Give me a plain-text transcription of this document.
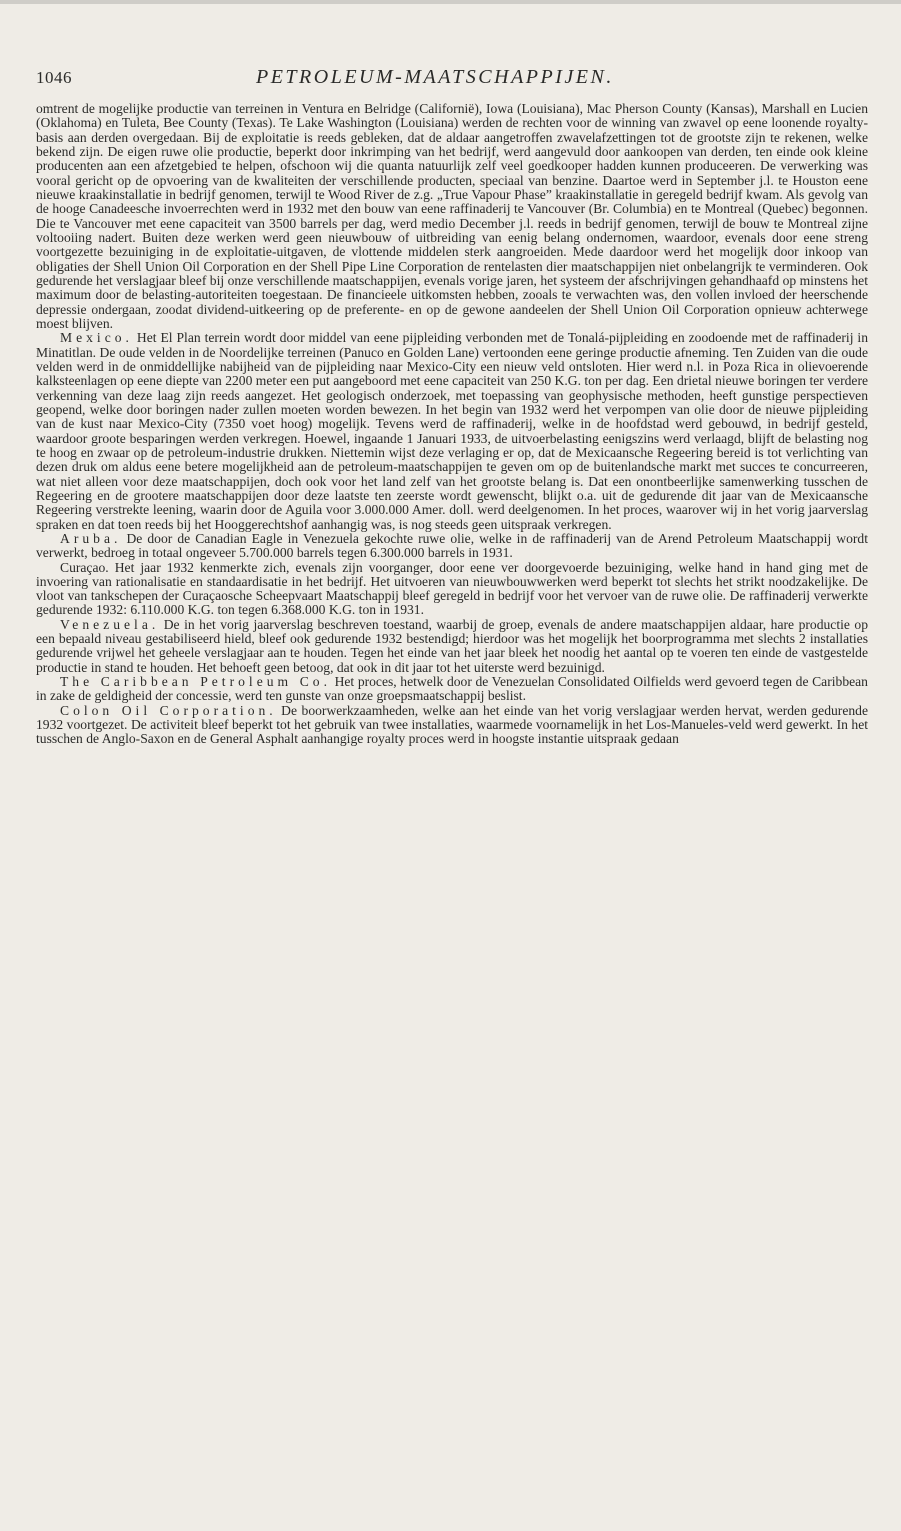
1046	PETROLEUM-MAATSCHAPPIJEN.

omtrent de mogelijke productie van terreinen in Ventura en Belridge (Californië), Iowa (Louisiana), Mac Pherson County (Kansas), Marshall en Lucien (Oklahoma) en Tuleta, Bee County (Texas). Te Lake Washington (Louisiana) werden de rechten voor de winning van zwavel op eene loonende royalty-basis aan derden overgedaan. Bij de exploitatie is reeds gebleken, dat de aldaar aangetroffen zwavelafzettingen tot de grootste zijn te rekenen, welke bekend zijn. De eigen ruwe olie productie, beperkt door inkrimping van het bedrijf, werd aangevuld door aankoopen van derden, ten einde ook kleine producenten aan een afzetgebied te helpen, ofschoon wij die quanta natuurlijk zelf veel goedkooper hadden kunnen produceeren. De verwerking was vooral gericht op de opvoering van de kwaliteiten der verschillende producten, speciaal van benzine. Daartoe werd in September j.l. te Houston eene nieuwe kraakinstallatie in bedrijf genomen, terwijl te Wood River de z.g. „True Vapour Phase” kraakinstallatie in geregeld bedrijf kwam. Als gevolg van de hooge Canadeesche invoerrechten werd in 1932 met den bouw van eene raffinaderij te Vancouver (Br. Columbia) en te Montreal (Quebec) begonnen. Die te Vancouver met eene capaciteit van 3500 barrels per dag, werd medio December j.l. reeds in bedrijf genomen, terwijl de bouw te Montreal zijne voltooiing nadert. Buiten deze werken werd geen nieuwbouw of uitbreiding van eenig belang ondernomen, waardoor, evenals door eene streng voortgezette bezuiniging in de exploitatie-uitgaven, de vlottende middelen sterk aangroeiden. Mede daardoor werd het mogelijk door inkoop van obligaties der Shell Union Oil Corporation en der Shell Pipe Line Corporation de rentelasten dier maatschappijen niet onbelangrijk te verminderen. Ook gedurende het verslagjaar bleef bij onze verschillende maatschappijen, evenals vorige jaren, het systeem der afschrijvingen gehandhaafd op minstens het maximum door de belasting-autoriteiten toegestaan. De financieele uitkomsten hebben, zooals te verwachten was, den vollen invloed der heerschende depressie ondergaan, zoodat dividend-uitkeering op de preferente- en op de gewone aandeelen der Shell Union Oil Corporation opnieuw achterwege moest blijven.

Mexico. Het El Plan terrein wordt door middel van eene pijpleiding verbonden met de Tonalá-pijpleiding en zoodoende met de raffinaderij in Minatitlan. De oude velden in de Noordelijke terreinen (Panuco en Golden Lane) vertoonden eene geringe productie afneming. Ten Zuiden van die oude velden werd in de onmiddellijke nabijheid van de pijpleiding naar Mexico-City een nieuw veld ontsloten. Hier werd n.l. in Poza Rica in olievoerende kalksteenlagen op eene diepte van 2200 meter een put aangeboord met eene capaciteit van 250 K.G. ton per dag. Een drietal nieuwe boringen ter verdere verkenning van deze laag zijn reeds aangezet. Het geologisch onderzoek, met toepassing van geophysische methoden, heeft gunstige perspectieven geopend, welke door boringen nader zullen moeten worden bewezen. In het begin van 1932 werd het verpompen van olie door de nieuwe pijpleiding van de kust naar Mexico-City (7350 voet hoog) mogelijk. Tevens werd de raffinaderij, welke in de hoofdstad werd gebouwd, in bedrijf gesteld, waardoor groote besparingen werden verkregen. Hoewel, ingaande 1 Januari 1933, de uitvoerbelasting eenigszins werd verlaagd, blijft de belasting nog te hoog en zwaar op de petroleum-industrie drukken. Niettemin wijst deze verlaging er op, dat de Mexicaansche Regeering bereid is tot verlichting van dezen druk om aldus eene betere mogelijkheid aan de petroleum-maatschappijen te geven om op de buitenlandsche markt met succes te concurreeren, wat niet alleen voor deze maatschappijen, doch ook voor het land zelf van het grootste belang is. Dat een onontbeerlijke samenwerking tusschen de Regeering en de grootere maatschappijen door deze laatste ten zeerste wordt gewenscht, blijkt o.a. uit de gedurende dit jaar van de Mexicaansche Regeering verstrekte leening, waarin door de Aguila voor 3.000.000 Amer. doll. werd deelgenomen. In het proces, waarover wij in het vorig jaarverslag spraken en dat toen reeds bij het Hooggerechtshof aanhangig was, is nog steeds geen uitspraak verkregen.

Aruba. De door de Canadian Eagle in Venezuela gekochte ruwe olie, welke in de raffinaderij van de Arend Petroleum Maatschappij wordt verwerkt, bedroeg in totaal ongeveer 5.700.000 barrels tegen 6.300.000 barrels in 1931.

Curaçao. Het jaar 1932 kenmerkte zich, evenals zijn voorganger, door eene ver doorgevoerde bezuiniging, welke hand in hand ging met de invoering van rationalisatie en standaardisatie in het bedrijf. Het uitvoeren van nieuwbouwwerken werd beperkt tot slechts het strikt noodzakelijke. De vloot van tankschepen der Curaçaosche Scheepvaart Maatschappij bleef geregeld in bedrijf voor het vervoer van de ruwe olie. De raffinaderij verwerkte gedurende 1932: 6.110.000 K.G. ton tegen 6.368.000 K.G. ton in 1931.

Venezuela. De in het vorig jaarverslag beschreven toestand, waarbij de groep, evenals de andere maatschappijen aldaar, hare productie op een bepaald niveau gestabiliseerd hield, bleef ook gedurende 1932 bestendigd; hierdoor was het mogelijk het boorprogramma met slechts 2 installaties gedurende vrijwel het geheele verslagjaar aan te houden. Tegen het einde van het jaar bleek het noodig het aantal op te voeren ten einde de vastgestelde productie in stand te houden. Het behoeft geen betoog, dat ook in dit jaar tot het uiterste werd bezuinigd.

The Caribbean Petroleum Co. Het proces, hetwelk door de Venezuelan Consolidated Oilfields werd gevoerd tegen de Caribbean in zake de geldigheid der concessie, werd ten gunste van onze groepsmaatschappij beslist.

Colon Oil Corporation. De boorwerkzaamheden, welke aan het einde van het vorig verslagjaar werden hervat, werden gedurende 1932 voortgezet. De activiteit bleef beperkt tot het gebruik van twee installaties, waarmede voornamelijk in het Los-Manueles-veld werd gewerkt. In het tusschen de Anglo-Saxon en de General Asphalt aanhangige royalty proces werd in hoogste instantie uitspraak gedaan
